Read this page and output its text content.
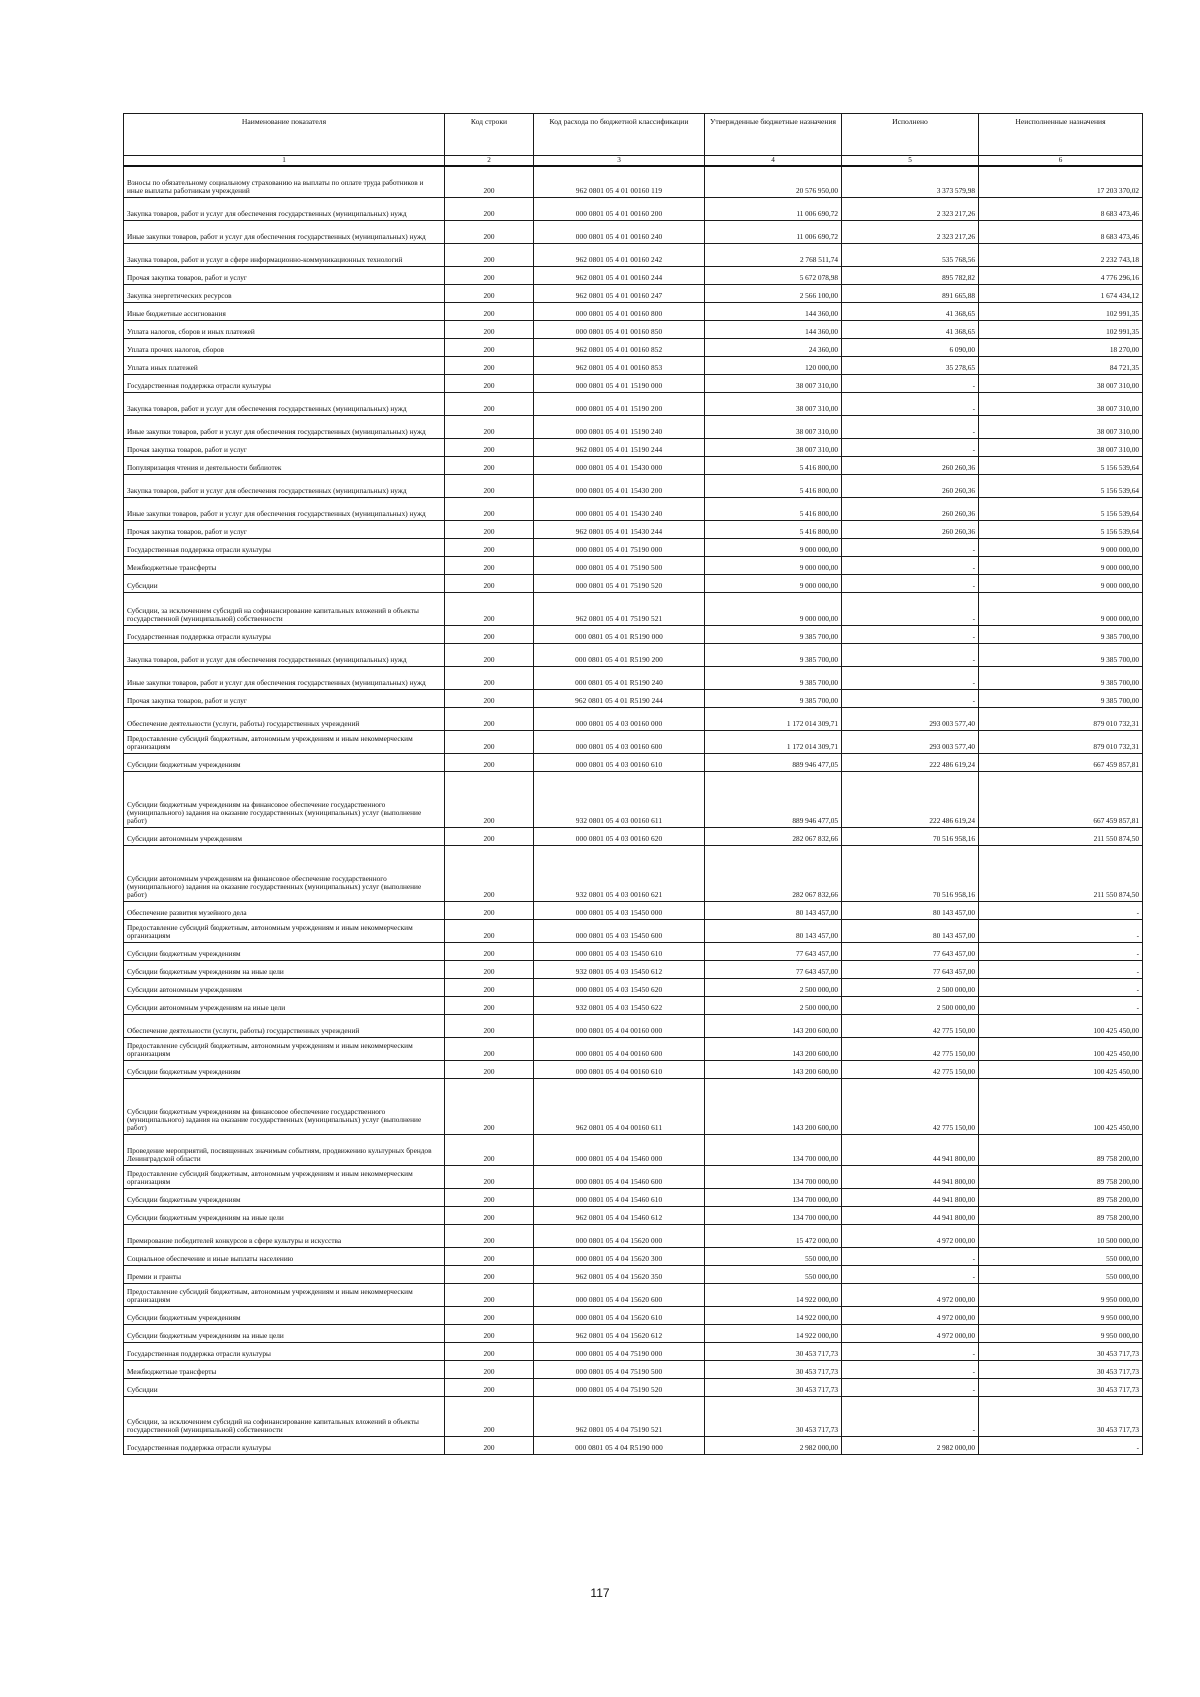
Наименование показателя	Код строки	Код расхода по бюджетной классификации	Утвержденные бюджетные назначения	Исполнено	Неисполненные назначения
1	2	3	4	5	6
Взносы по обязательному социальному страхованию на выплаты по оплате труда работников и иные выплаты работникам учреждений	200	962 0801 05 4 01 00160 119	20 576 950,00	3 373 579,98	17 203 370,02
Закупка товаров, работ и услуг для обеспечения государственных (муниципальных) нужд	200	000 0801 05 4 01 00160 200	11 006 690,72	2 323 217,26	8 683 473,46
Иные закупки товаров, работ и услуг для обеспечения государственных (муниципальных) нужд	200	000 0801 05 4 01 00160 240	11 006 690,72	2 323 217,26	8 683 473,46
Закупка товаров, работ и услуг в сфере информационно-коммуникационных технологий	200	962 0801 05 4 01 00160 242	2 768 511,74	535 768,56	2 232 743,18
Прочая закупка товаров, работ и услуг	200	962 0801 05 4 01 00160 244	5 672 078,98	895 782,82	4 776 296,16
Закупка энергетических ресурсов	200	962 0801 05 4 01 00160 247	2 566 100,00	891 665,88	1 674 434,12
Иные бюджетные ассигнования	200	000 0801 05 4 01 00160 800	144 360,00	41 368,65	102 991,35
Уплата налогов, сборов и иных платежей	200	000 0801 05 4 01 00160 850	144 360,00	41 368,65	102 991,35
Уплата прочих налогов, сборов	200	962 0801 05 4 01 00160 852	24 360,00	6 090,00	18 270,00
Уплата иных платежей	200	962 0801 05 4 01 00160 853	120 000,00	35 278,65	84 721,35
Государственная поддержка отрасли культуры	200	000 0801 05 4 01 15190 000	38 007 310,00	-	38 007 310,00
Закупка товаров, работ и услуг для обеспечения государственных (муниципальных) нужд	200	000 0801 05 4 01 15190 200	38 007 310,00	-	38 007 310,00
Иные закупки товаров, работ и услуг для обеспечения государственных (муниципальных) нужд	200	000 0801 05 4 01 15190 240	38 007 310,00	-	38 007 310,00
Прочая закупка товаров, работ и услуг	200	962 0801 05 4 01 15190 244	38 007 310,00	-	38 007 310,00
Популяризация чтения и деятельности библиотек	200	000 0801 05 4 01 15430 000	5 416 800,00	260 260,36	5 156 539,64
Закупка товаров, работ и услуг для обеспечения государственных (муниципальных) нужд	200	000 0801 05 4 01 15430 200	5 416 800,00	260 260,36	5 156 539,64
Иные закупки товаров, работ и услуг для обеспечения государственных (муниципальных) нужд	200	000 0801 05 4 01 15430 240	5 416 800,00	260 260,36	5 156 539,64
Прочая закупка товаров, работ и услуг	200	962 0801 05 4 01 15430 244	5 416 800,00	260 260,36	5 156 539,64
Государственная поддержка отрасли культуры	200	000 0801 05 4 01 75190 000	9 000 000,00	-	9 000 000,00
Межбюджетные трансферты	200	000 0801 05 4 01 75190 500	9 000 000,00	-	9 000 000,00
Субсидии	200	000 0801 05 4 01 75190 520	9 000 000,00	-	9 000 000,00
Субсидии, за исключением субсидий на софинансирование капитальных вложений в объекты государственной (муниципальной) собственности	200	962 0801 05 4 01 75190 521	9 000 000,00	-	9 000 000,00
Государственная поддержка отрасли культуры	200	000 0801 05 4 01 R5190 000	9 385 700,00	-	9 385 700,00
Закупка товаров, работ и услуг для обеспечения государственных (муниципальных) нужд	200	000 0801 05 4 01 R5190 200	9 385 700,00	-	9 385 700,00
Иные закупки товаров, работ и услуг для обеспечения государственных (муниципальных) нужд	200	000 0801 05 4 01 R5190 240	9 385 700,00	-	9 385 700,00
Прочая закупка товаров, работ и услуг	200	962 0801 05 4 01 R5190 244	9 385 700,00	-	9 385 700,00
Обеспечение деятельности (услуги, работы) государственных учреждений	200	000 0801 05 4 03 00160 000	1 172 014 309,71	293 003 577,40	879 010 732,31
Предоставление субсидий бюджетным, автономным учреждениям и иным некоммерческим организациям	200	000 0801 05 4 03 00160 600	1 172 014 309,71	293 003 577,40	879 010 732,31
Субсидии бюджетным учреждениям	200	000 0801 05 4 03 00160 610	889 946 477,05	222 486 619,24	667 459 857,81
Субсидии бюджетным учреждениям на финансовое обеспечение государственного (муниципального) задания на оказание государственных (муниципальных) услуг (выполнение работ)	200	932 0801 05 4 03 00160 611	889 946 477,05	222 486 619,24	667 459 857,81
Субсидии автономным учреждениям	200	000 0801 05 4 03 00160 620	282 067 832,66	70 516 958,16	211 550 874,50
Субсидии автономным учреждениям на финансовое обеспечение государственного (муниципального) задания на оказание государственных (муниципальных) услуг (выполнение работ)	200	932 0801 05 4 03 00160 621	282 067 832,66	70 516 958,16	211 550 874,50
Обеспечение развития музейного дела	200	000 0801 05 4 03 15450 000	80 143 457,00	80 143 457,00	-
Предоставление субсидий бюджетным, автономным учреждениям и иным некоммерческим организациям	200	000 0801 05 4 03 15450 600	80 143 457,00	80 143 457,00	-
Субсидии бюджетным учреждениям	200	000 0801 05 4 03 15450 610	77 643 457,00	77 643 457,00	-
Субсидии бюджетным учреждениям на иные цели	200	932 0801 05 4 03 15450 612	77 643 457,00	77 643 457,00	-
Субсидии автономным учреждениям	200	000 0801 05 4 03 15450 620	2 500 000,00	2 500 000,00	-
Субсидии автономным учреждениям на иные цели	200	932 0801 05 4 03 15450 622	2 500 000,00	2 500 000,00	-
Обеспечение деятельности (услуги, работы) государственных учреждений	200	000 0801 05 4 04 00160 000	143 200 600,00	42 775 150,00	100 425 450,00
Предоставление субсидий бюджетным, автономным учреждениям и иным некоммерческим организациям	200	000 0801 05 4 04 00160 600	143 200 600,00	42 775 150,00	100 425 450,00
Субсидии бюджетным учреждениям	200	000 0801 05 4 04 00160 610	143 200 600,00	42 775 150,00	100 425 450,00
Субсидии бюджетным учреждениям на финансовое обеспечение государственного (муниципального) задания на оказание государственных (муниципальных) услуг (выполнение работ)	200	962 0801 05 4 04 00160 611	143 200 600,00	42 775 150,00	100 425 450,00
Проведение мероприятий, посвященных значимым событиям, продвижению культурных брендов Ленинградской области	200	000 0801 05 4 04 15460 000	134 700 000,00	44 941 800,00	89 758 200,00
Предоставление субсидий бюджетным, автономным учреждениям и иным некоммерческим организациям	200	000 0801 05 4 04 15460 600	134 700 000,00	44 941 800,00	89 758 200,00
Субсидии бюджетным учреждениям	200	000 0801 05 4 04 15460 610	134 700 000,00	44 941 800,00	89 758 200,00
Субсидии бюджетным учреждениям на иные цели	200	962 0801 05 4 04 15460 612	134 700 000,00	44 941 800,00	89 758 200,00
Премирование победителей конкурсов в сфере культуры и искусства	200	000 0801 05 4 04 15620 000	15 472 000,00	4 972 000,00	10 500 000,00
Социальное обеспечение и иные выплаты населению	200	000 0801 05 4 04 15620 300	550 000,00	-	550 000,00
Премии и гранты	200	962 0801 05 4 04 15620 350	550 000,00	-	550 000,00
Предоставление субсидий бюджетным, автономным учреждениям и иным некоммерческим организациям	200	000 0801 05 4 04 15620 600	14 922 000,00	4 972 000,00	9 950 000,00
Субсидии бюджетным учреждениям	200	000 0801 05 4 04 15620 610	14 922 000,00	4 972 000,00	9 950 000,00
Субсидии бюджетным учреждениям на иные цели	200	962 0801 05 4 04 15620 612	14 922 000,00	4 972 000,00	9 950 000,00
Государственная поддержка отрасли культуры	200	000 0801 05 4 04 75190 000	30 453 717,73	-	30 453 717,73
Межбюджетные трансферты	200	000 0801 05 4 04 75190 500	30 453 717,73	-	30 453 717,73
Субсидии	200	000 0801 05 4 04 75190 520	30 453 717,73	-	30 453 717,73
Субсидии, за исключением субсидий на софинансирование капитальных вложений в объекты государственной (муниципальной) собственности	200	962 0801 05 4 04 75190 521	30 453 717,73	-	30 453 717,73
Государственная поддержка отрасли культуры	200	000 0801 05 4 04 R5190 000	2 982 000,00	2 982 000,00	-
117
